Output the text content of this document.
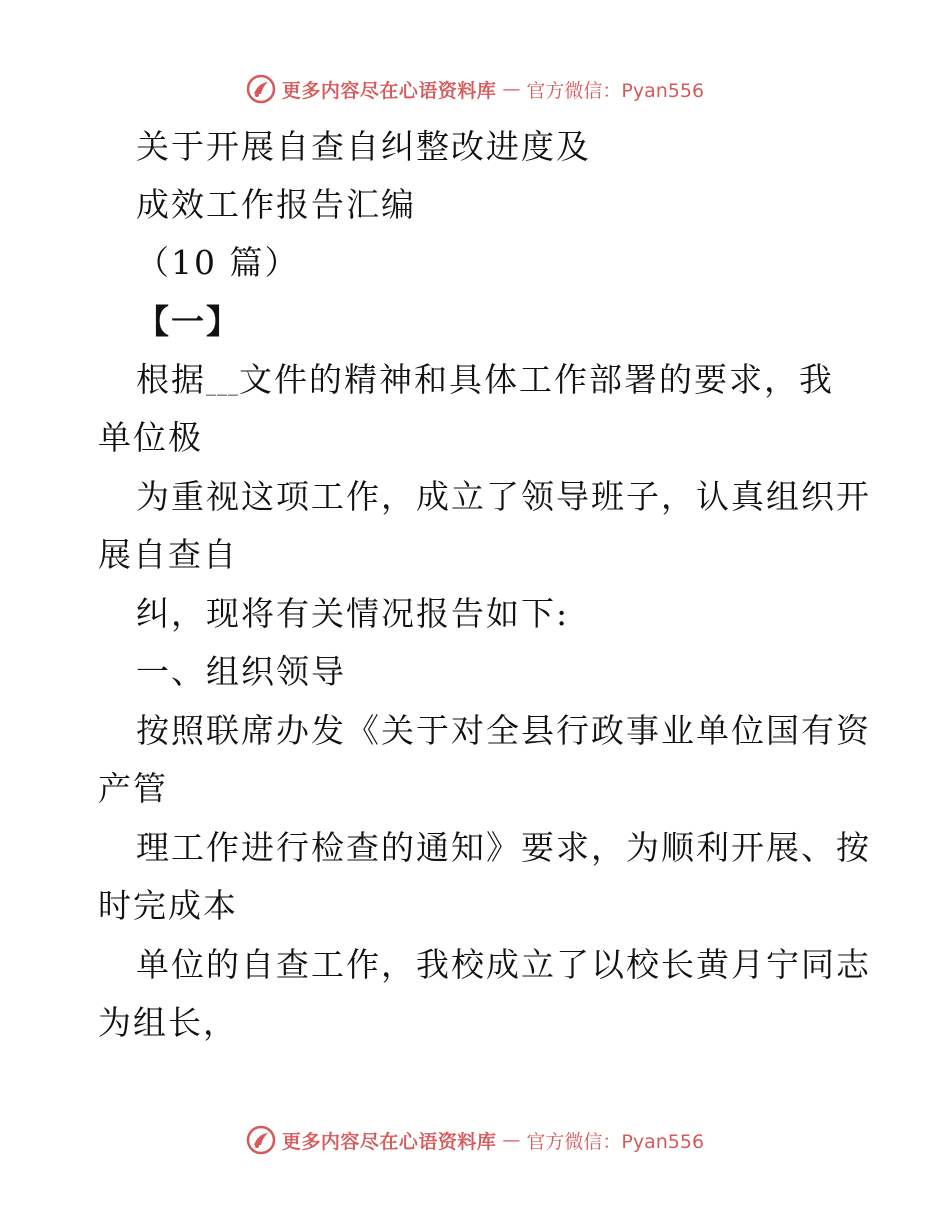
更多内容尽在心语资料库 — 官方微信：Pyan556
关于开展自查自纠整改进度及
成效工作报告汇编
（10 篇）
【一】
根据___文件的精神和具体工作部署的要求，我
单位极
为重视这项工作，成立了领导班子，认真组织开
展自查自
纠，现将有关情况报告如下:
一、组织领导
按照联席办发《关于对全县行政事业单位国有资
产管
理工作进行检查的通知》要求，为顺利开展、按
时完成本
单位的自查工作，我校成立了以校长黄月宁同志
为组长，
更多内容尽在心语资料库 — 官方微信：Pyan556
